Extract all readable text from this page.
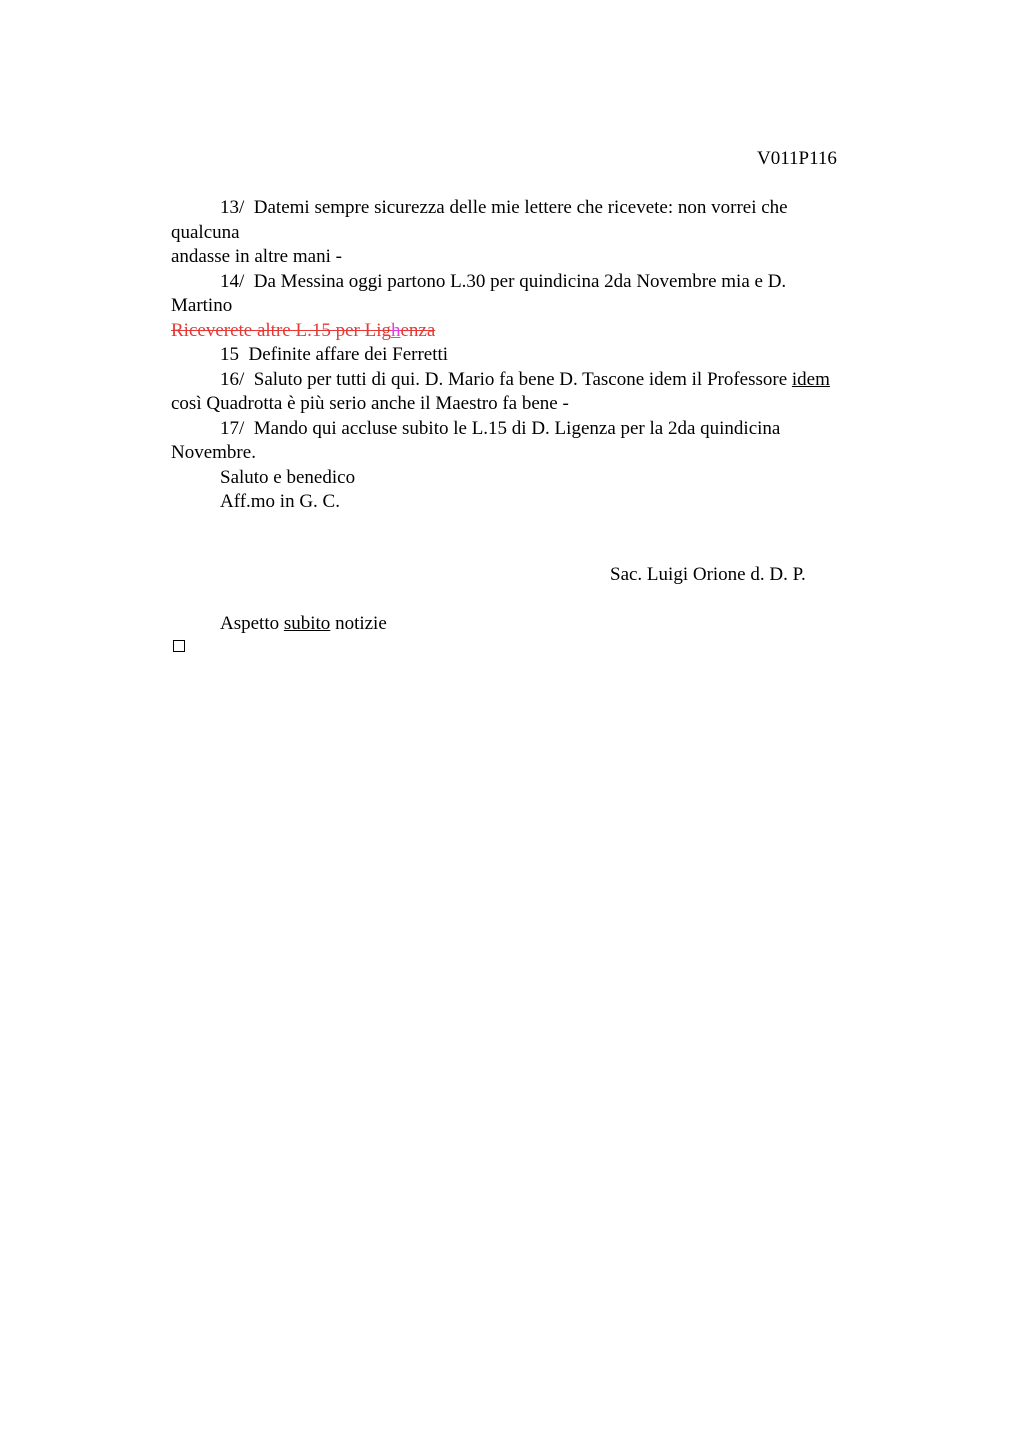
V011P116
13/ Datemi sempre sicurezza delle mie lettere che ricevete: non vorrei che
qualcuna
andasse in altre mani -
14/ Da Messina oggi partono L.30 per quindicina 2da Novembre mia e D.
Martino
Riceverete altre L.15 per Lighenza
15 Definite affare dei Ferretti
16/ Saluto per tutti di qui. D. Mario fa bene D. Tascone idem il Professore idem
così Quadrotta è più serio anche il Maestro fa bene -
17/ Mando qui accluse subito le L.15 di D. Ligenza per la 2da quindicina
Novembre.
Saluto e benedico
Aff.mo in G. C.
Sac. Luigi Orione d. D. P.
Aspetto subito notizie
